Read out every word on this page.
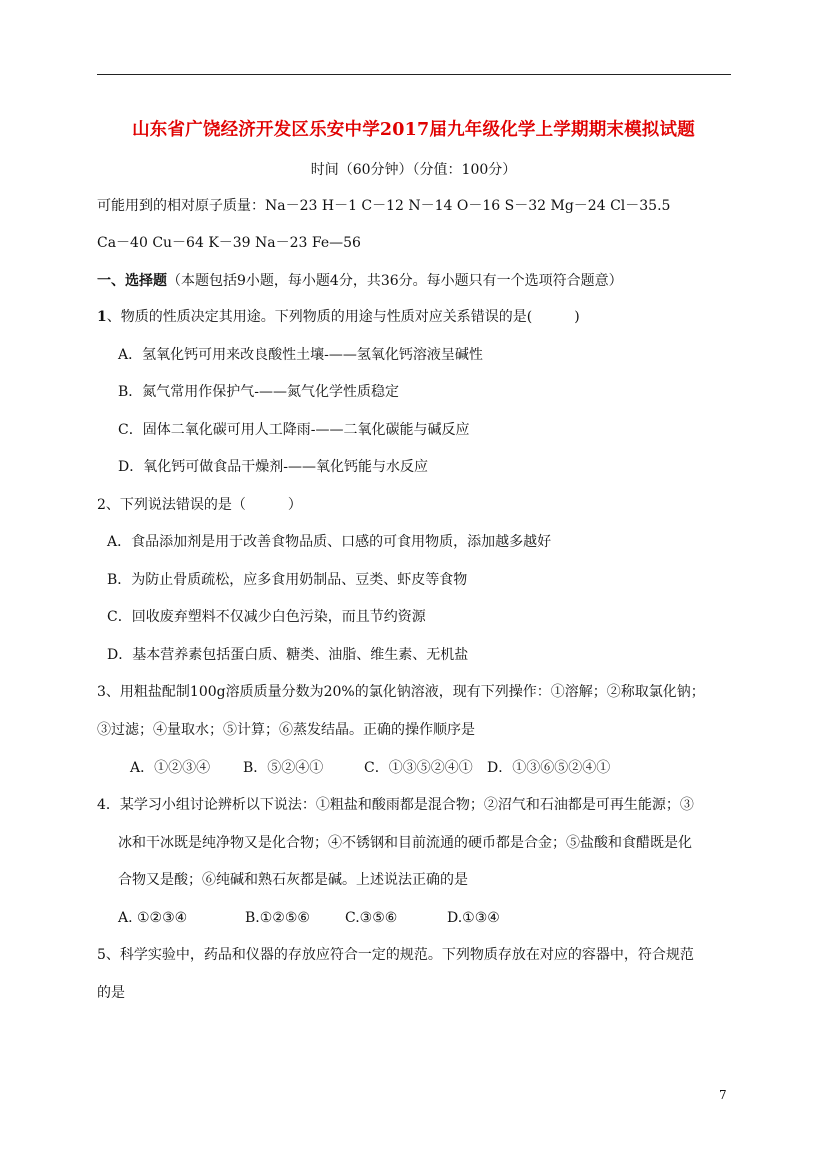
山东省广饶经济开发区乐安中学2017届九年级化学上学期期末模拟试题
时间（60分钟）（分值：100分）
可能用到的相对原子质量：Na－23 H－1 C－12 N－14 O－16 S－32 Mg－24 Cl－35.5
Ca－40 Cu－64 K－39 Na－23 Fe—56
一、选择题（本题包括9小题，每小题4分，共36分。每小题只有一个选项符合题意）
1、物质的性质决定其用途。下列物质的用途与性质对应关系错误的是(　　　)
A．氢氧化钙可用来改良酸性土壤-——氢氧化钙溶液呈碱性
B．氮气常用作保护气-——氮气化学性质稳定
C．固体二氧化碳可用人工降雨-——二氧化碳能与碱反应
D．氧化钙可做食品干燥剂-——氧化钙能与水反应
2、下列说法错误的是（　　　）
A．食品添加剂是用于改善食物品质、口感的可食用物质，添加越多越好
B．为防止骨质疏松，应多食用奶制品、豆类、虾皮等食物
C．回收废弃塑料不仅减少白色污染，而且节约资源
D．基本营养素包括蛋白质、糖类、油脂、维生素、无机盐
3、用粗盐配制100g溶质质量分数为20%的氯化钠溶液，现有下列操作：①溶解；②称取氯化钠；
③过滤；④量取水；⑤计算；⑥蒸发结晶。正确的操作顺序是
A．①②③④ B．⑤②④①	C．①③⑤②④① D．①③⑥⑤②④①
4．某学习小组讨论辨析以下说法：①粗盐和酸雨都是混合物；②沼气和石油都是可再生能源；③
冰和干冰既是纯净物又是化合物；④不锈钢和目前流通的硬币都是合金；⑤盐酸和食醋既是化
合物又是酸；⑥纯碱和熟石灰都是碱。上述说法正确的是
A. ①②③④	B.①②⑤⑥	C.③⑤⑥	D.①③④
5、科学实验中，药品和仪器的存放应符合一定的规范。下列物质存放在对应的容器中，符合规范
的是
7
